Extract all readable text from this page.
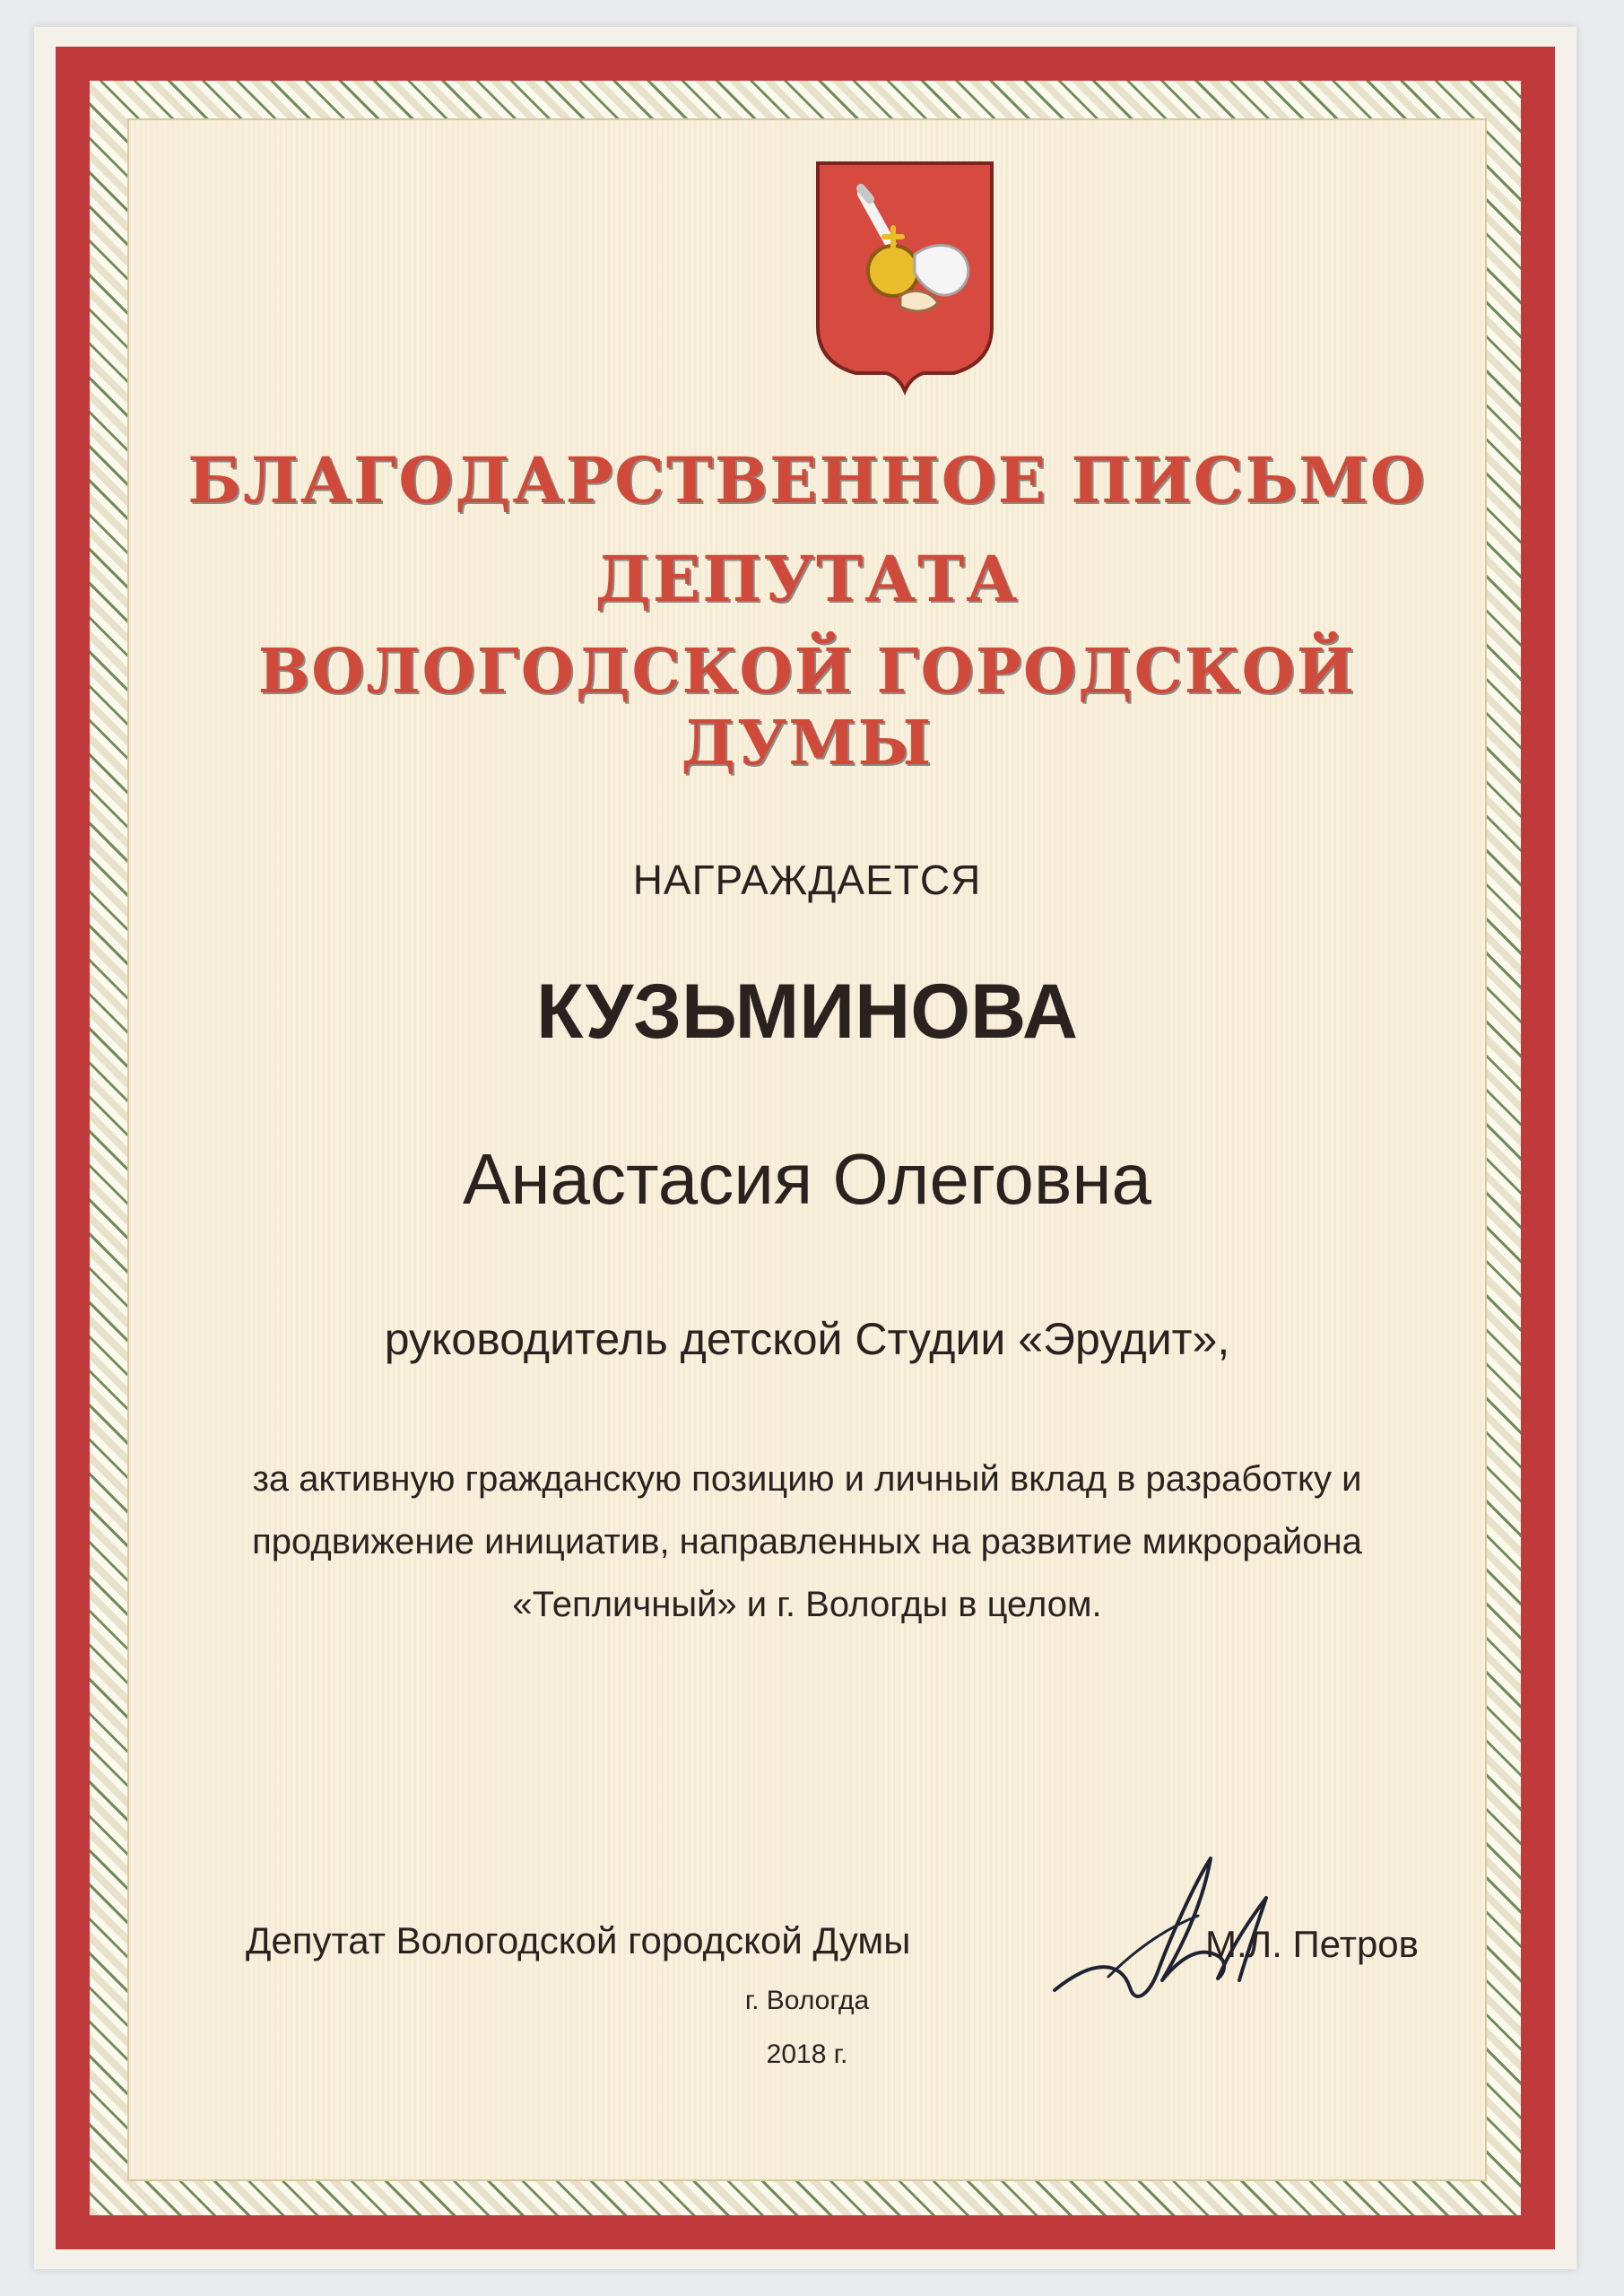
БЛАГОДАРСТВЕННОЕ ПИСЬМО
ДЕПУТАТА
ВОЛОГОДСКОЙ ГОРОДСКОЙ ДУМЫ
НАГРАЖДАЕТСЯ
КУЗЬМИНОВА
Анастасия Олеговна
руководитель детской Студии «Эрудит»,
за активную гражданскую позицию и личный вклад в разработку и продвижение инициатив, направленных на развитие микрорайона «Тепличный» и г. Вологды в целом.
Депутат Вологодской городской Думы	М.Л. Петров
г. Вологда
2018 г.
